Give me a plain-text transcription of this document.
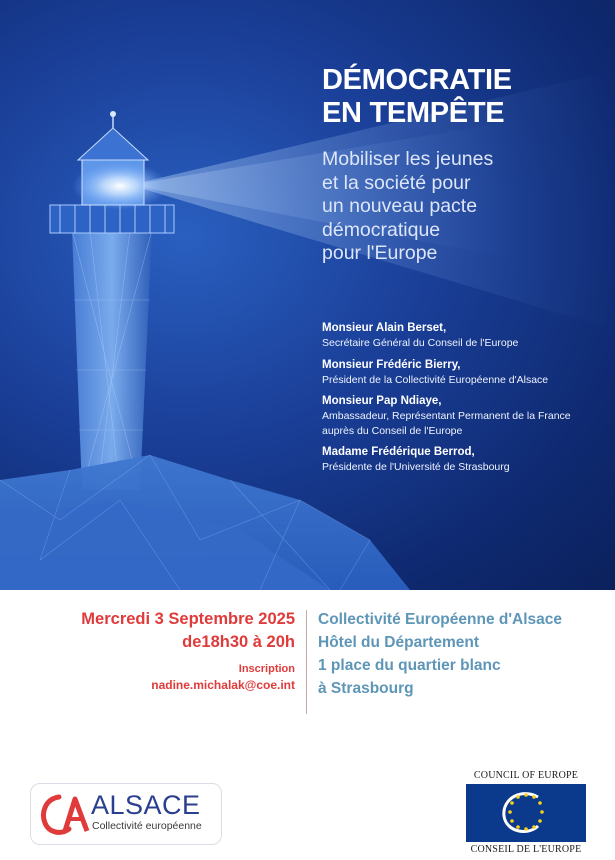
DÉMOCRATIE
EN TEMPÊTE
Mobiliser les jeunes
et la société pour
un nouveau pacte
démocratique
pour l'Europe
Monsieur Alain Berset,
Secrétaire Général du Conseil de l'Europe
Monsieur Frédéric Bierry,
Président de la Collectivité Européenne d'Alsace
Monsieur Pap Ndiaye,
Ambassadeur, Représentant Permanent de la France
auprès du Conseil de l'Europe
Madame Frédérique Berrod,
Présidente de l'Université de Strasbourg
Mercredi 3 Septembre 2025
de18h30 à 20h
Inscription
nadine.michalak@coe.int
Collectivité Européenne d'Alsace
Hôtel du Département
1 place du quartier blanc
à Strasbourg
ALSACE
Collectivité européenne
COUNCIL OF EUROPE
CONSEIL DE L'EUROPE
